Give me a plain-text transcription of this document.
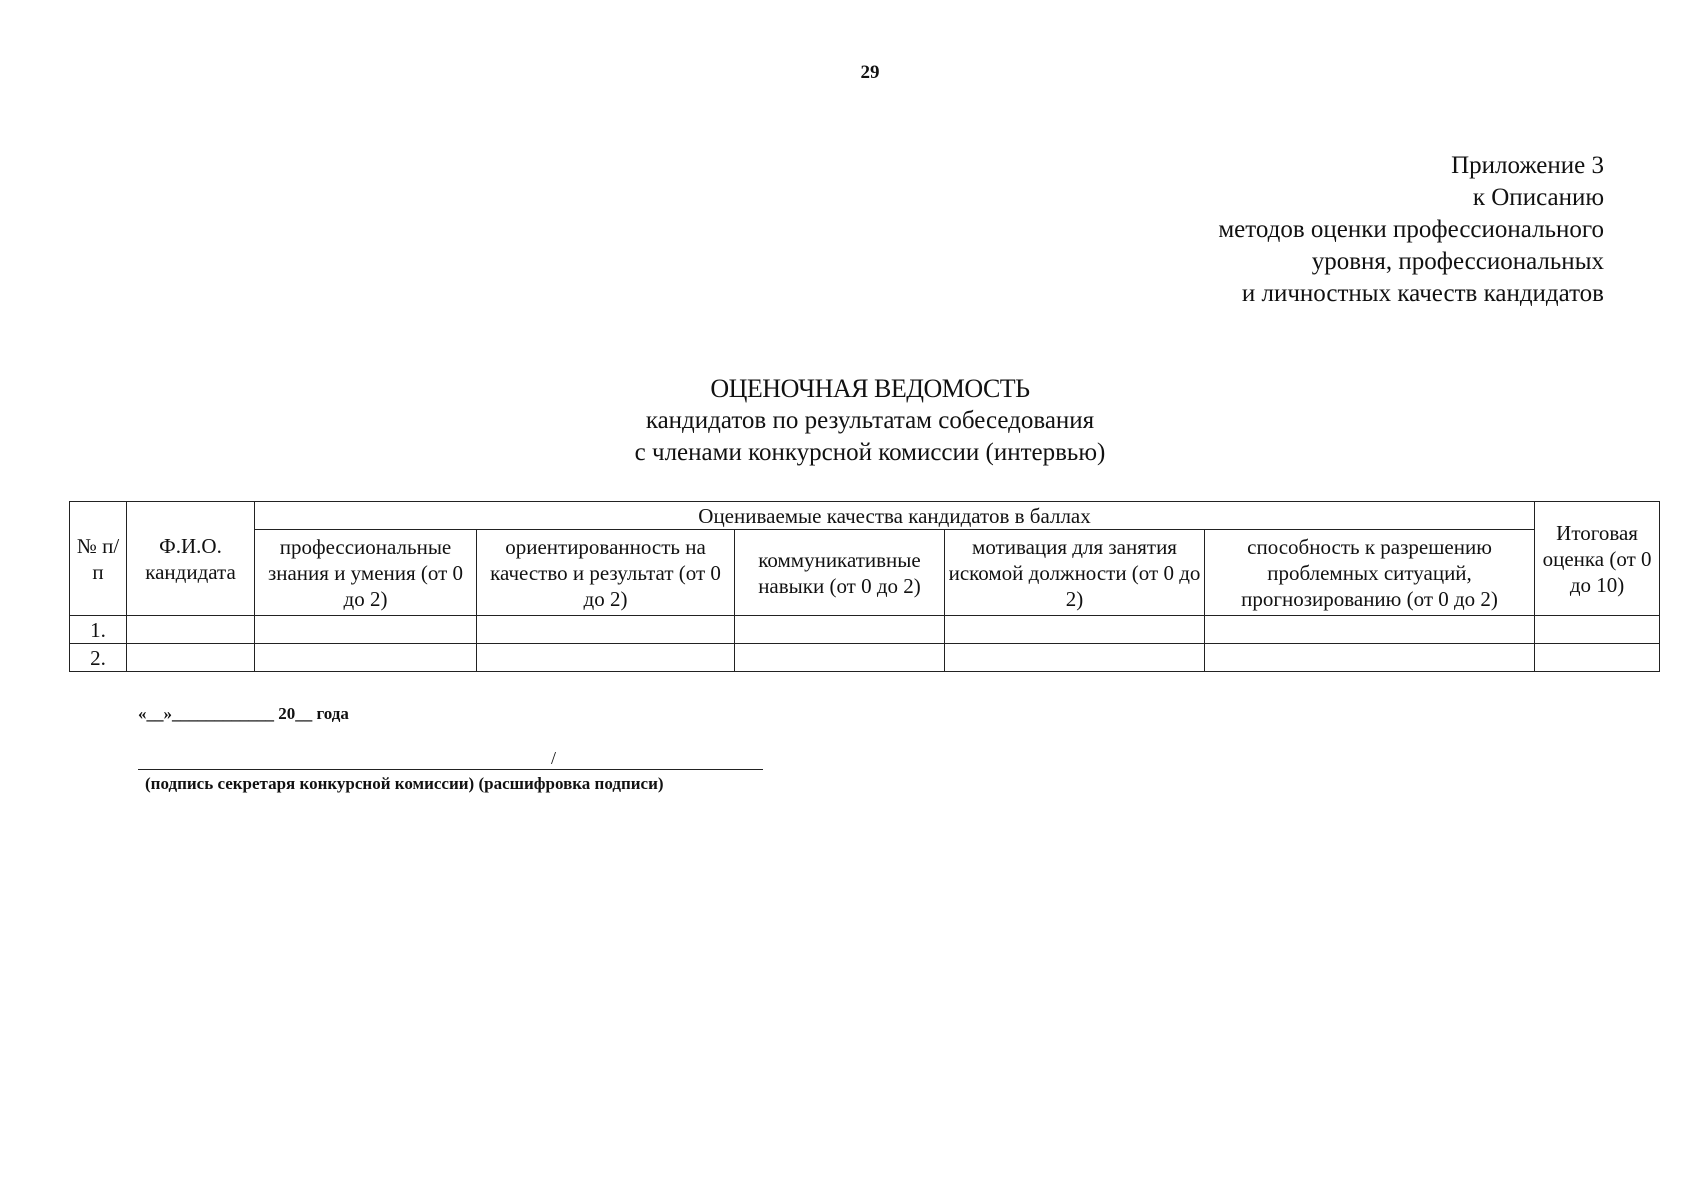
29
Приложение 3
к Описанию
методов оценки профессионального
уровня, профессиональных
и личностных качеств кандидатов
ОЦЕНОЧНАЯ ВЕДОМОСТЬ
кандидатов по результатам собеседования
с членами конкурсной комиссии (интервью)
№ п/п	Ф.И.О. кандидата	Оцениваемые качества кандидатов в баллах					Итоговая оценка (от 0 до 10)
		профессиональные знания и умения (от 0 до 2)	ориентированность на качество и результат (от 0 до 2)	коммуникативные навыки (от 0 до 2)	мотивация для занятия искомой должности (от 0 до 2)	способность к разрешению проблемных ситуаций, прогнозированию (от 0 до 2)	
1.							
2.							
«__»____________ 20__ года
/
(подпись секретаря конкурсной комиссии) (расшифровка подписи)
